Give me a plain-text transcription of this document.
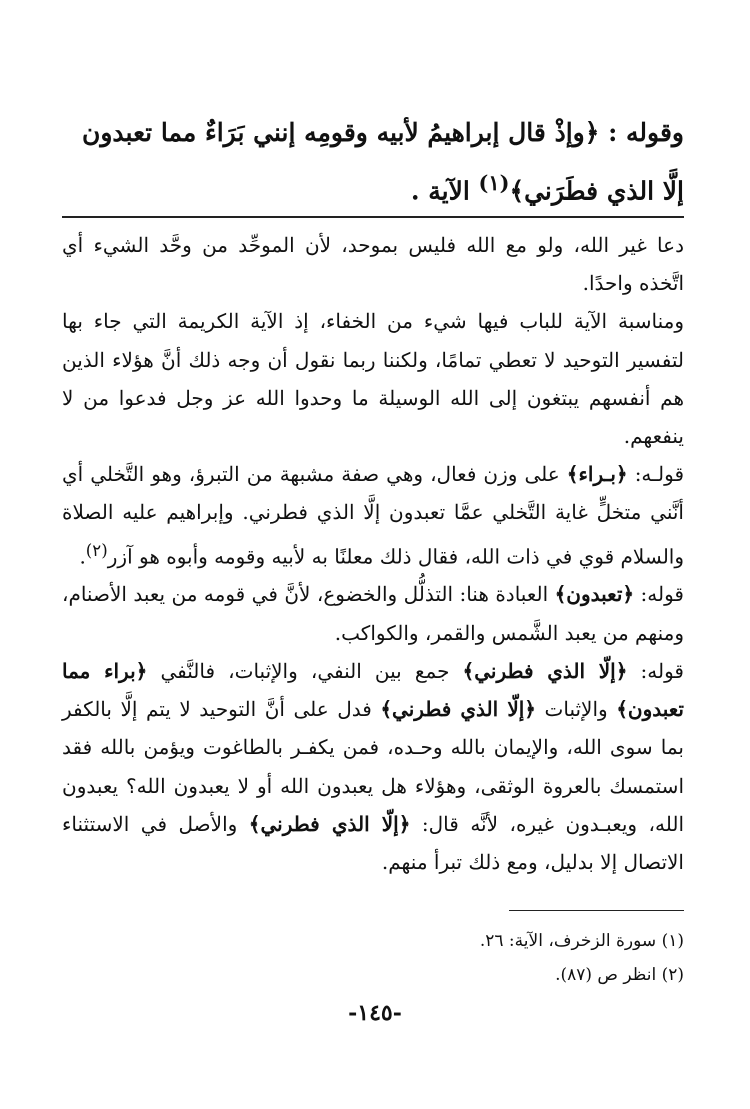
وقوله : ﴿وإذْ قال إبراهيمُ لأبيه وقومِه إنني بَرَاءٌ مما تعبدون إلَّا الذي فطَرَني﴾$^{(١)}$ الآية .

دعا غير الله، ولو مع الله فليس بموحد، لأن الموحِّد من وحَّد الشيء أي اتَّخذه واحدًا.

ومناسبة الآية للباب فيها شيء من الخفاء، إذ الآية الكريمة التي جاء بها لتفسير التوحيد لا تعطي تمامًا، ولكننا ربما نقول أن وجه ذلك أنَّ هؤلاء الذين هم أنفسهم يبتغون إلى الله الوسيلة ما وحدوا الله عز وجل فدعوا من لا ينفعهم.

قولـه: ﴿بـراء﴾ على وزن فعال، وهي صفة مشبهة من التبرؤ، وهو التَّخلي أي أنَّني متخلٍّ غاية التَّخلي عمَّا تعبدون إلَّا الذي فطرني. وإبراهيم عليه الصلاة والسلام قوي في ذات الله، فقال ذلك معلنًا به لأبيه وقومه وأبوه هو آزر$^{(٢)}$.

قوله: ﴿تعبدون﴾ العبادة هنا: التذلُّل والخضوع، لأنَّ في قومه من يعبد الأصنام، ومنهم من يعبد الشَّمس والقمر، والكواكب.

قوله: ﴿إلّا الذي فطرني﴾ جمع بين النفي، والإثبات، فالنَّفي ﴿براء مما تعبدون﴾ والإثبات ﴿إلّا الذي فطرني﴾ فدل على أنَّ التوحيد لا يتم إلَّا بالكفر بما سوى الله، والإيمان بالله وحـده، فمن يكفـر بالطاغوت ويؤمن بالله فقد استمسك بالعروة الوثقى، وهؤلاء هل يعبدون الله أو لا يعبدون الله؟ يعبدون الله، ويعبـدون غيره، لأنَّه قال: ﴿إلّا الذي فطرني﴾ والأصل في الاستثناء الاتصال إلا بدليل، ومع ذلك تبرأ منهم.

(١) سورة الزخرف، الآية: ٢٦.

(٢) انظر ص (٨٧).

-١٤٥-
